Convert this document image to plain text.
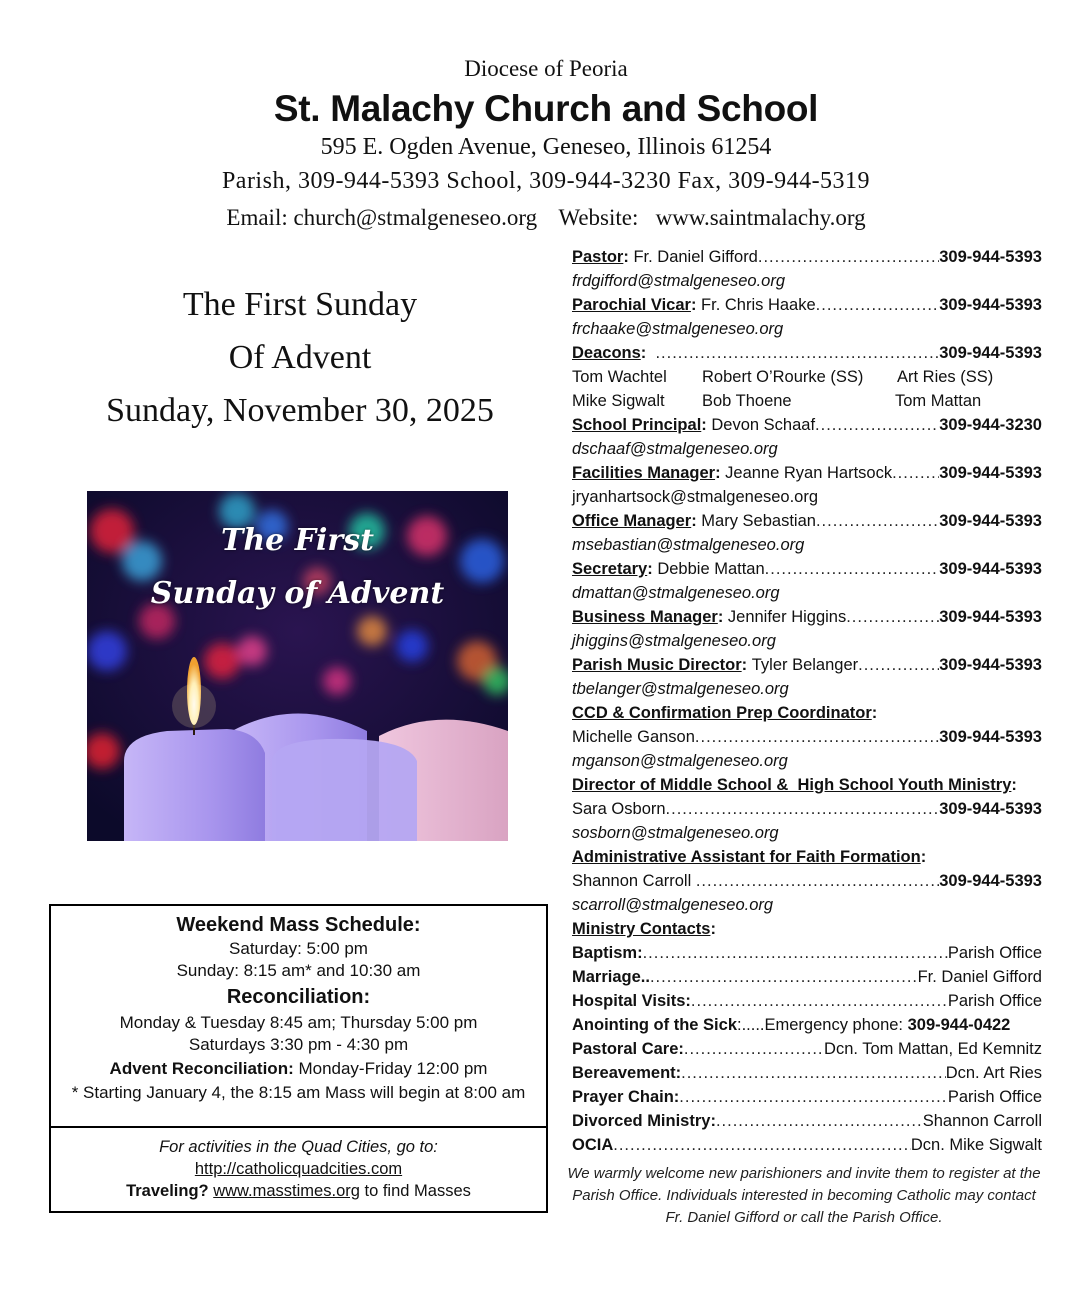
Diocese of Peoria
St. Malachy Church and School
595 E. Ogden Avenue, Geneseo, Illinois 61254
Parish, 309-944-5393 School, 309-944-3230 Fax, 309-944-5319
Email: church@stmalgeneseo.org Website: www.saintmalachy.org
The First Sunday
Of Advent
Sunday, November 30, 2025
The First
Sunday of Advent
Weekend Mass Schedule:
Saturday: 5:00 pm
Sunday: 8:15 am* and 10:30 am
Reconciliation:
Monday & Tuesday 8:45 am; Thursday 5:00 pm
Saturdays 3:30 pm - 4:30 pm
Advent Reconciliation: Monday-Friday 12:00 pm
* Starting January 4, the 8:15 am Mass will begin at 8:00 am
For activities in the Quad Cities, go to:
http://catholicquadcities.com
Traveling? www.masstimes.org to find Masses
Pastor:
Fr. Daniel Gifford .....	309-944-5393
frdgifford@stmalgeneseo.org
Parochial Vicar:
Fr. Chris Haake .....	309-944-5393
frchaake@stmalgeneseo.org
Deacons:
.....	309-944-5393
Tom Wachtel Robert O’Rourke (SS) Art Ries (SS)
Mike Sigwalt Bob Thoene	Tom Mattan
School Principal:
Devon Schaaf .....	309-944-3230
dschaaf@stmalgeneseo.org
Facilities Manager:
Jeanne Ryan Hartsock .....	309-944-5393
jryanhartsock@stmalgeneseo.org
Office Manager:
Mary Sebastian .....	309-944-5393
msebastian@stmalgeneseo.org
Secretary:
Debbie Mattan .....	309-944-5393
dmattan@stmalgeneseo.org
Business Manager:
Jennifer Higgins .....	309-944-5393
jhiggins@stmalgeneseo.org
Parish Music Director:
Tyler Belanger .....	309-944-5393
tbelanger@stmalgeneseo.org
CCD & Confirmation Prep Coordinator:
Michelle Ganson .....	309-944-5393
mganson@stmalgeneseo.org
Director of Middle School &  High School Youth Ministry:
Sara Osborn .....	309-944-5393
sosborn@stmalgeneseo.org
Administrative Assistant for Faith Formation:
Shannon Carroll .....	309-944-5393
scarroll@stmalgeneseo.org
Ministry Contacts:
Baptism: .....	Parish Office
Marriage.. .....	Fr. Daniel Gifford
Hospital Visits: .....	Parish Office
Anointing of the Sick :.....Emergency phone: 309-944-0422
Pastoral Care: .....	Dcn. Tom Mattan, Ed Kemnitz
Bereavement: .....	Dcn. Art Ries
Prayer Chain: .....	Parish Office
Divorced Ministry: .....	Shannon Carroll
OCIA .....	Dcn. Mike Sigwalt
We warmly welcome new parishioners and invite them to register at the Parish Office. Individuals interested in becoming Catholic may contact Fr. Daniel Gifford or call the Parish Office.
